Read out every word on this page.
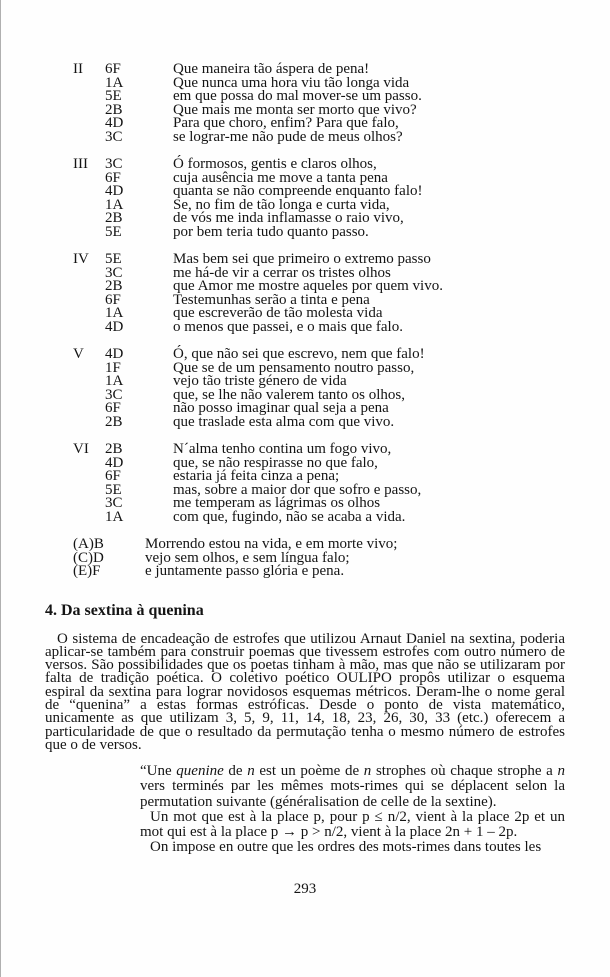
II	6F	Que maneira tão áspera de pena!
1A	Que nunca uma hora viu tão longa vida
5E	em que possa do mal mover-se um passo.
2B	Que mais me monta ser morto que vivo?
4D	Para que choro, enfim? Para que falo,
3C	se lograr-me não pude de meus olhos?
III	3C	Ó formosos, gentis e claros olhos,
6F	cuja ausência me move a tanta pena
4D	quanta se não compreende enquanto falo!
1A	Se, no fim de tão longa e curta vida,
2B	de vós me inda inflamasse o raio vivo,
5E	por bem teria tudo quanto passo.
IV	5E	Mas bem sei que primeiro o extremo passo
3C	me há-de vir a cerrar os tristes olhos
2B	que Amor me mostre aqueles por quem vivo.
6F	Testemunhas serão a tinta e pena
1A	que escreverão de tão molesta vida
4D	o menos que passei, e o mais que falo.
V	4D	Ó, que não sei que escrevo, nem que falo!
1F	Que se de um pensamento noutro passo,
1A	vejo tão triste género de vida
3C	que, se lhe não valerem tanto os olhos,
6F	não posso imaginar qual seja a pena
2B	que traslade esta alma com que vivo.
VI	2B	N´alma tenho contina um fogo vivo,
4D	que, se não respirasse no que falo,
6F	estaria já feita cinza a pena;
5E	mas, sobre a maior dor que sofro e passo,
3C	me temperam as lágrimas os olhos
1A	com que, fugindo, não se acaba a vida.
(A)B	Morrendo estou na vida, e em morte vivo;
(C)D	vejo sem olhos, e sem língua falo;
(E)F	e juntamente passo glória e pena.
4. Da sextina à quenina

O sistema de encadeação de estrofes que utilizou Arnaut Daniel na sextina, poderia aplicar-se também para construir poemas que tivessem estrofes com outro número de versos. São possibilidades que os poetas tinham à mão, mas que não se utilizaram por falta de tradição poética. O coletivo poético OULIPO propôs utilizar o esquema espiral da sextina para lograr novidosos esquemas métricos. Deram-lhe o nome geral de “quenina” a estas formas estróficas. Desde o ponto de vista matemático, unicamente as que utilizam 3, 5, 9, 11, 14, 18, 23, 26, 30, 33 (etc.) oferecem a particularidade de que o resultado da permutação tenha o mesmo número de estrofes que o de versos.

“Une quenine de n est un poème de n strophes où chaque strophe a n vers terminés par les mêmes mots-rimes qui se déplacent selon la permutation suivante (généralisation de celle de la sextine).

Un mot que est à la place p, pour p ≤ n/2, vient à la place 2p et un mot qui est à la place p → p > n/2, vient à la place 2n + 1 – 2p.

On impose en outre que les ordres des mots-rimes dans toutes les

293
